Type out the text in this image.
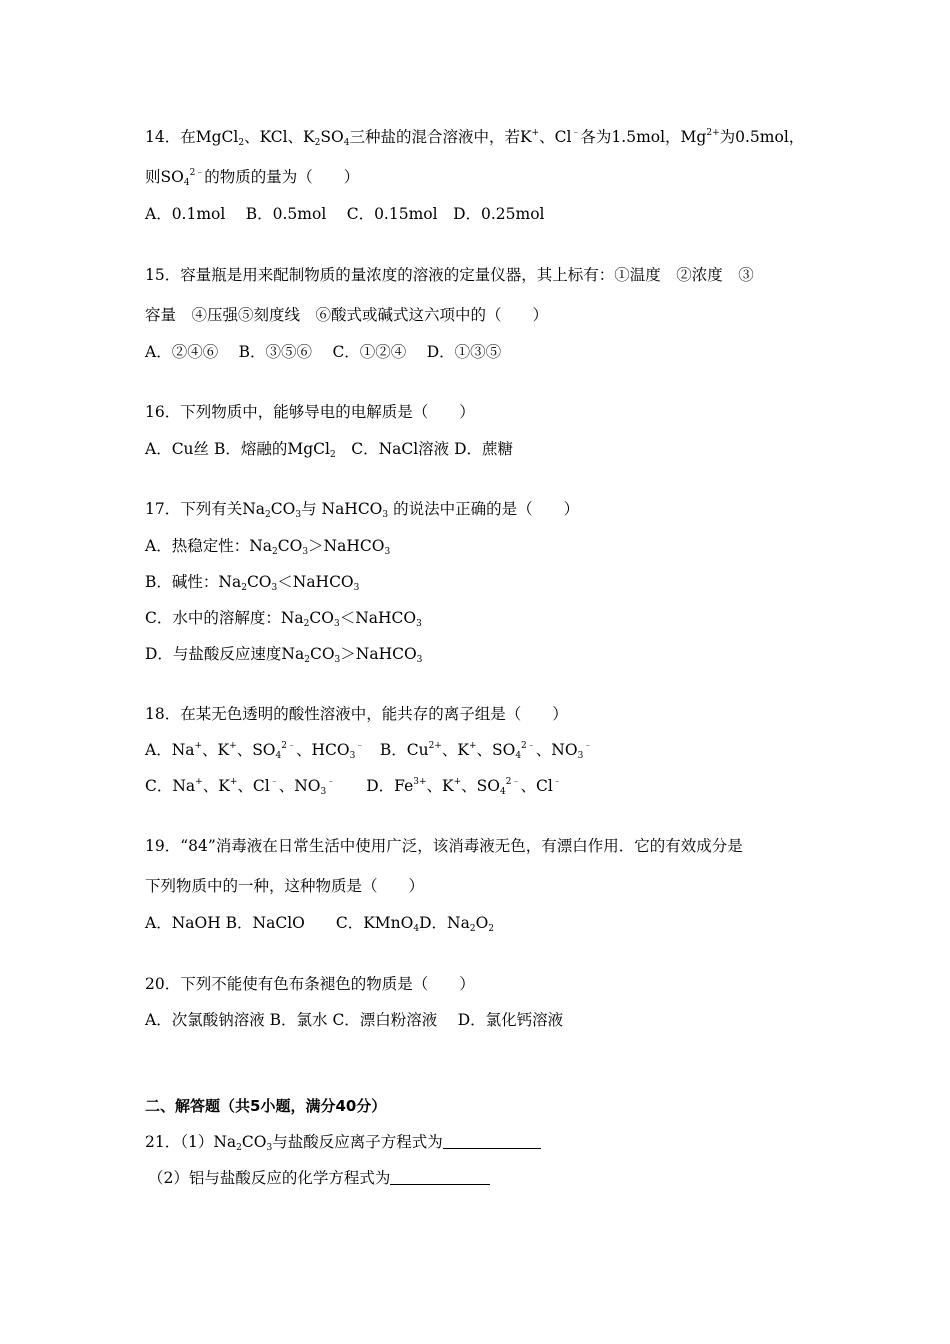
14．在MgCl$_2$、KCl、$K_2SO_4$三种盐的混合溶液中，若K+、Cl﹣各为1.5mol，$Mg^{2+}$为0.5mol，
则$SO_4^{2﹣}$的物质的量为（　　）
A．0.1mol　 B．0.5mol　 C．0.15mol　D．0.25mol
15．容量瓶是用来配制物质的量浓度的溶液的定量仪器，其上标有：①温度　②浓度　③
容量　④压强⑤刻度线　⑥酸式或碱式这六项中的（　　）
A．②④⑥　 B．③⑤⑥　 C．①②④　 D．①③⑤
16．下列物质中，能够导电的电解质是（　　）
A．Cu丝 B．熔融的MgCl$_2$　C．NaCl溶液 D．蔗糖
17．下列有关$Na_2CO_3$与 NaHCO$_3$ 的说法中正确的是（　　）
A．热稳定性：$Na_2CO_3>NaHCO_3$
B．碱性：$Na_2CO_3<NaHCO_3$
C．水中的溶解度：$Na_2CO_3<NaHCO_3$
D．与盐酸反应速度$Na_2CO_3>NaHCO_3$
18．在某无色透明的酸性溶液中，能共存的离子组是（　　）
A．Na+、K+、$SO_4^{2﹣}$、$HCO_3^﹣$　B．$Cu^{2+}$、K+、$SO_4^{2﹣}$、$NO_3^﹣$
C．Na+、K+、Cl﹣、$NO_3^﹣$　　D．$Fe^{3+}$、K+、$SO_4^{2﹣}$、Cl﹣
19．“84”消毒液在日常生活中使用广泛，该消毒液无色，有漂白作用．它的有效成分是
下列物质中的一种，这种物质是（　　）
A．NaOH B．NaClO　　C．KMnO$_4$D．$Na_2O_2$
20．下列不能使有色布条褪色的物质是（　　）
A．次氯酸钠溶液 B．氯水 C．漂白粉溶液　 D．氯化钙溶液
二、解答题（共5小题，满分40分）
21．$(1)Na_2CO_3$与盐酸反应离子方程式为
（2）铝与盐酸反应的化学方程式为
